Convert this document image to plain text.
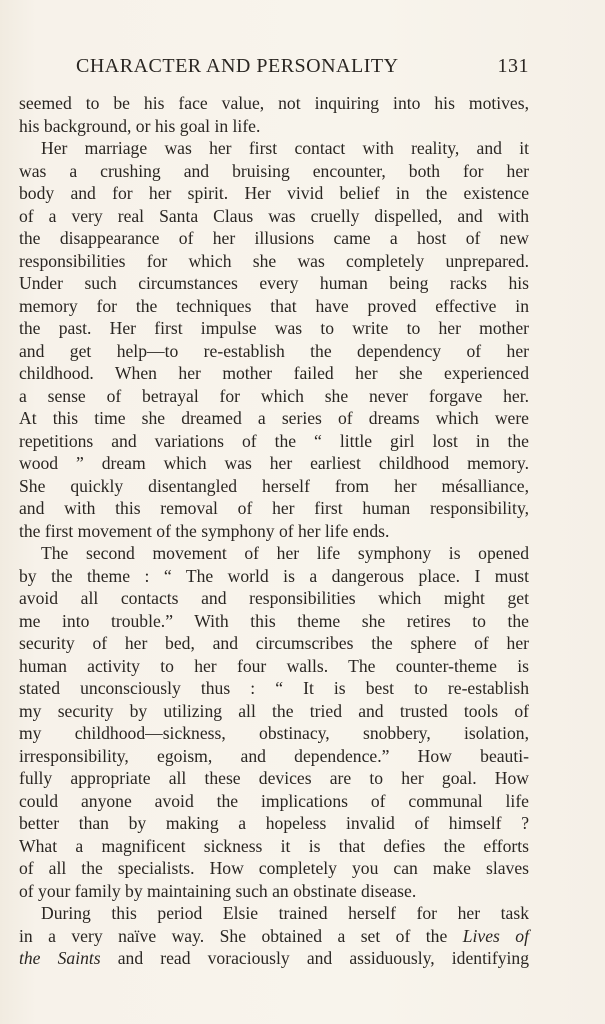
CHARACTER AND PERSONALITY	131
seemed to be his face value, not inquiring into his motives,
his background, or his goal in life.
Her marriage was her first contact with reality, and it
was a crushing and bruising encounter, both for her
body and for her spirit. Her vivid belief in the existence
of a very real Santa Claus was cruelly dispelled, and with
the disappearance of her illusions came a host of new
responsibilities for which she was completely unprepared.
Under such circumstances every human being racks his
memory for the techniques that have proved effective in
the past. Her first impulse was to write to her mother
and get help—to re-establish the dependency of her
childhood. When her mother failed her she experienced
a sense of betrayal for which she never forgave her.
At this time she dreamed a series of dreams which were
repetitions and variations of the “ little girl lost in the
wood ” dream which was her earliest childhood memory.
She quickly disentangled herself from her mésalliance,
and with this removal of her first human responsibility,
the first movement of the symphony of her life ends.
The second movement of her life symphony is opened
by the theme : “ The world is a dangerous place. I must
avoid all contacts and responsibilities which might get
me into trouble.” With this theme she retires to the
security of her bed, and circumscribes the sphere of her
human activity to her four walls. The counter-theme is
stated unconsciously thus : “ It is best to re-establish
my security by utilizing all the tried and trusted tools of
my childhood—sickness, obstinacy, snobbery, isolation,
irresponsibility, egoism, and dependence.” How beauti-
fully appropriate all these devices are to her goal. How
could anyone avoid the implications of communal life
better than by making a hopeless invalid of himself ?
What a magnificent sickness it is that defies the efforts
of all the specialists. How completely you can make slaves
of your family by maintaining such an obstinate disease.
During this period Elsie trained herself for her task
in a very naïve way. She obtained a set of the Lives of
the Saints and read voraciously and assiduously, identifying
